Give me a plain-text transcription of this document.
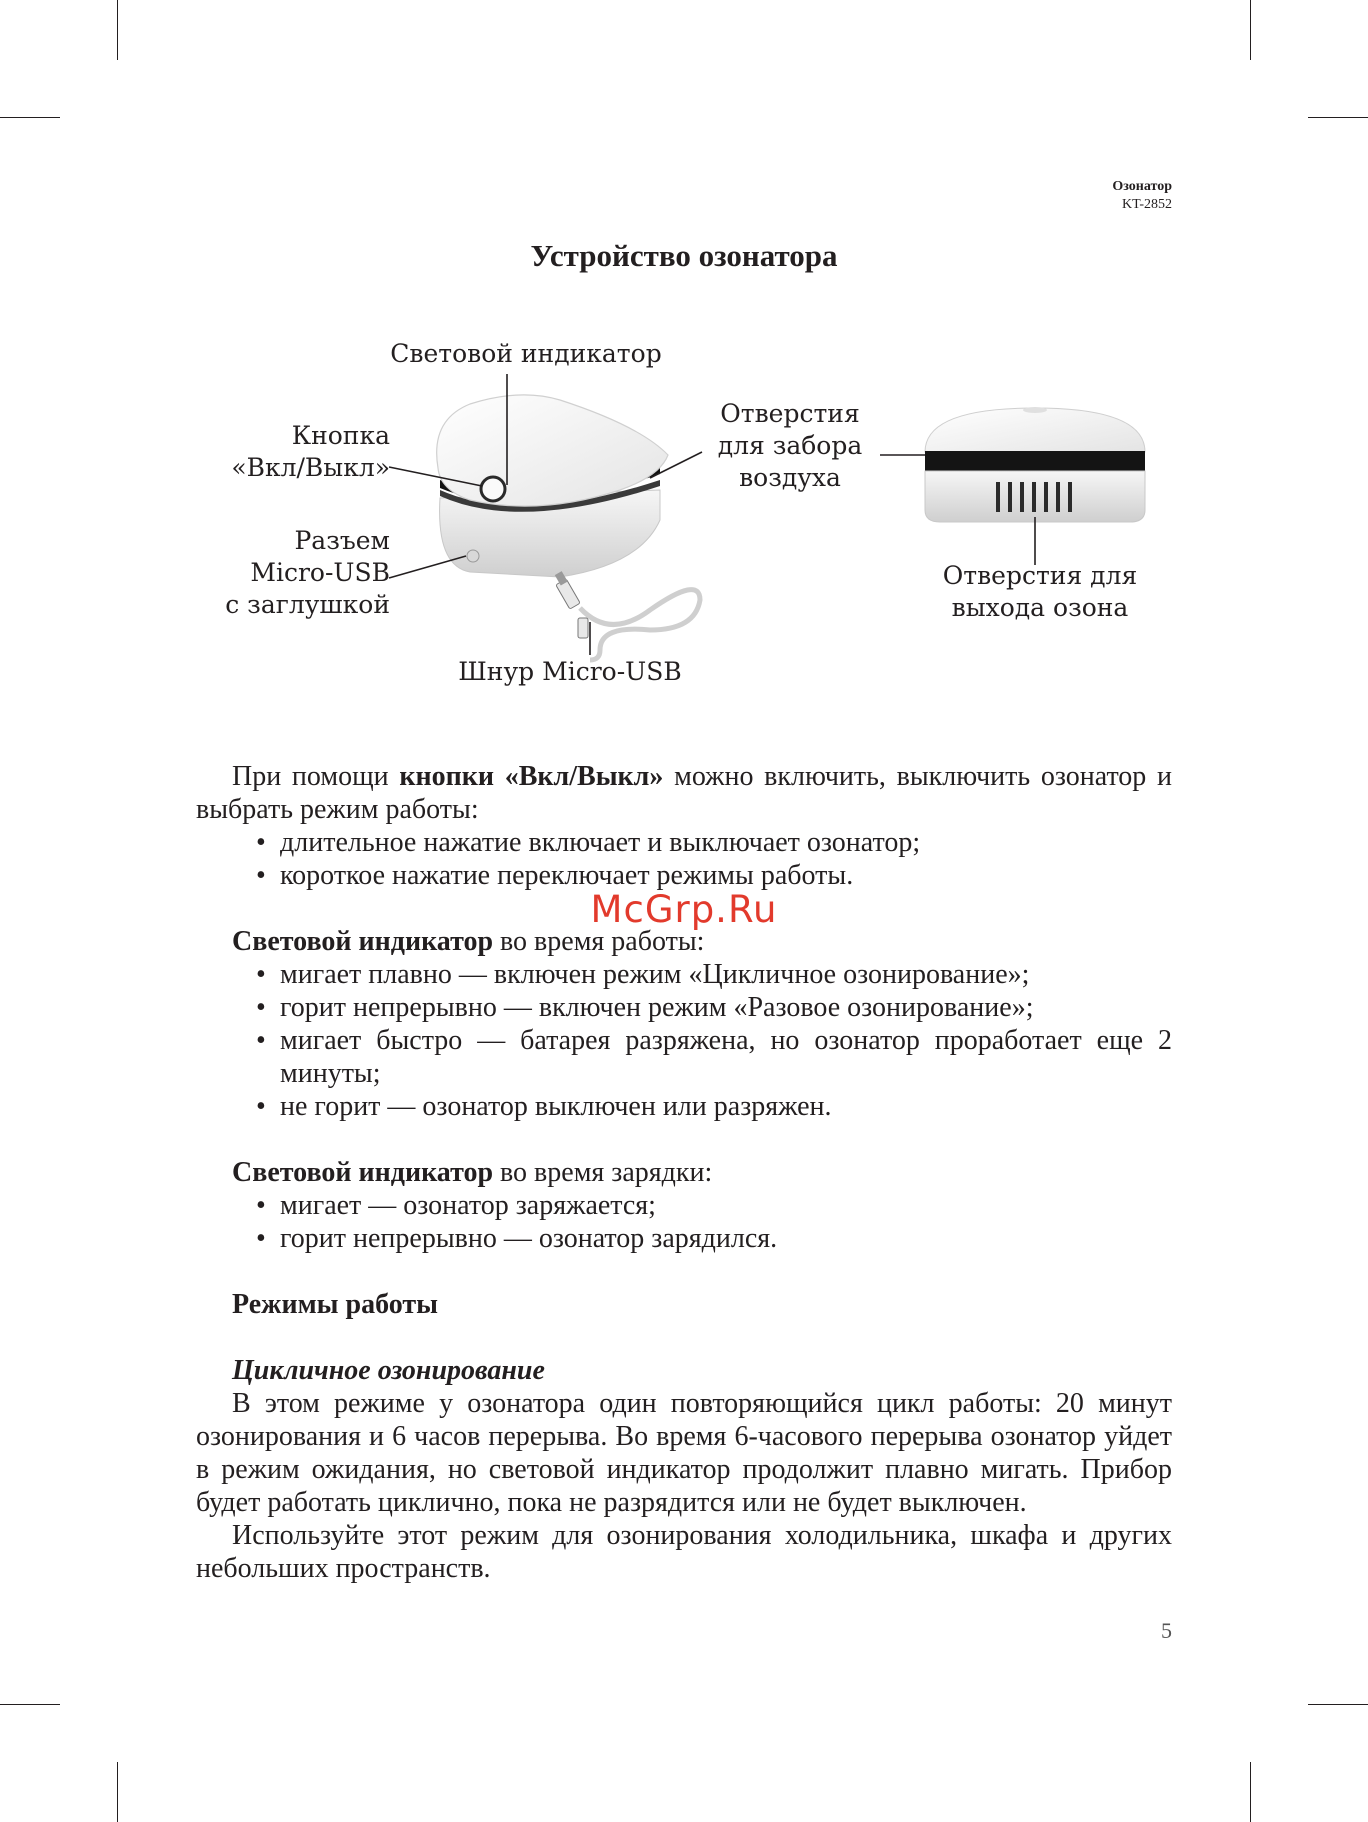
Озонатор
KT-2852
Устройство озонатора
Световой индикатор
Кнопка
«Вкл/Выкл»
Разъем
Micro-USB
с заглушкой
Отверстия
для забора
воздуха
Отверстия для
выхода озона
Шнур Micro-USB

При помощи кнопки «Вкл/Выкл» можно включить, выключить озонатор и выбрать режим работы:

• длительное нажатие включает и выключает озонатор;
• короткое нажатие переключает режимы работы.

Световой индикатор во время работы:

• мигает плавно — включен режим «Цикличное озонирование»;
• горит непрерывно — включен режим «Разовое озонирование»;
• мигает быстро — батарея разряжена, но озонатор проработает еще 2 минуты;
• не горит — озонатор выключен или разряжен.

Световой индикатор во время зарядки:

• мигает — озонатор заряжается;
• горит непрерывно — озонатор зарядился.

Режимы работы

Цикличное озонирование

В этом режиме у озонатора один повторяющийся цикл работы: 20 минут озонирования и 6 часов перерыва. Во время 6-часового перерыва озонатор уйдет в режим ожидания, но световой индикатор продолжит плавно мигать. Прибор будет работать циклично, пока не разрядится или не будет выключен.

Используйте этот режим для озонирования холодильника, шкафа и других небольших пространств.

McGrp.Ru
5
